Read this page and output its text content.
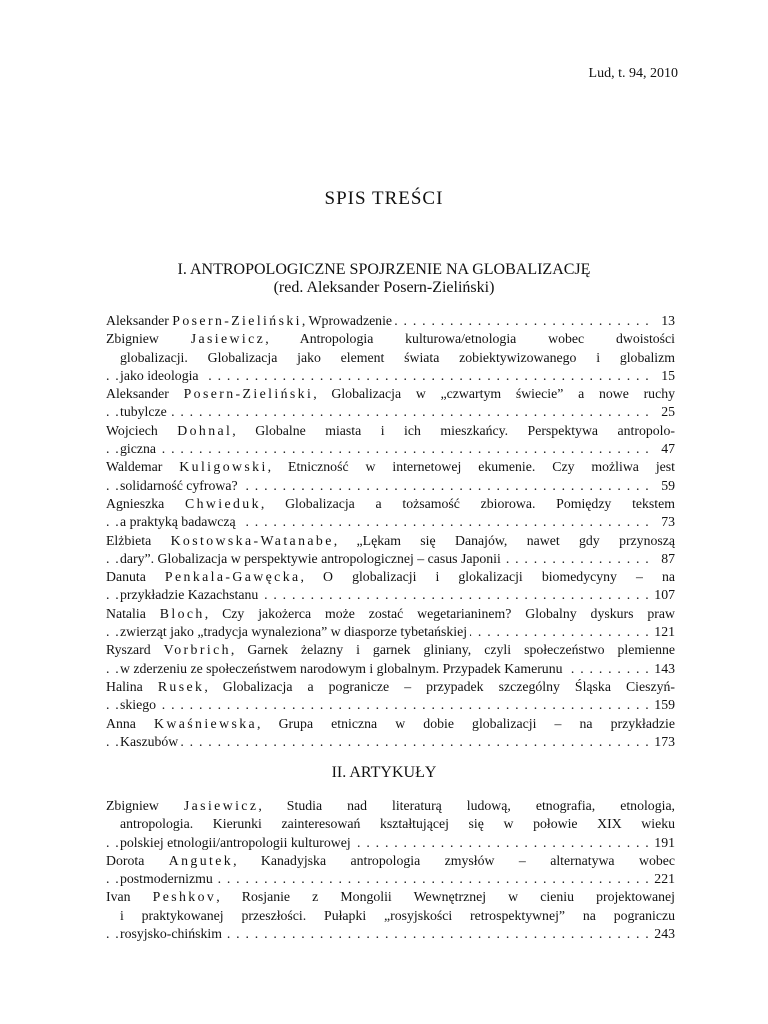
Lud, t. 94, 2010
SPIS TREŚCI
I. ANTROPOLOGICZNE SPOJRZENIE NA GLOBALIZACJĘ
(red. Aleksander Posern-Zieliński)
Aleksander Posern-Zieliński, Wprowadzenie	13
. . .
Zbigniew Jasiewicz, Antropologia kulturowa/etnologia wobec dwoistości
globalizacji. Globalizacja jako element świata zobiektywizowanego i globalizm
jako ideologia	15
. . .
Aleksander Posern-Zieliński, Globalizacja w „czwartym świecie” a nowe ruchy
tubylcze	25
. . .
Wojciech Dohnal, Globalne miasta i ich mieszkańcy. Perspektywa antropolo-
giczna	47
. . .
Waldemar Kuligowski, Etniczność w internetowej ekumenie. Czy możliwa jest
solidarność cyfrowa?	59
. . .
Agnieszka Chwieduk, Globalizacja a tożsamość zbiorowa. Pomiędzy tekstem
a praktyką badawczą	73
. . .
Elżbieta Kostowska-Watanabe, „Lękam się Danajów, nawet gdy przynoszą
dary”. Globalizacja w perspektywie antropologicznej – casus Japonii	87
. . .
Danuta Penkala-Gawęcka, O globalizacji i glokalizacji biomedycyny – na
przykładzie Kazachstanu	107
. . .
Natalia Bloch, Czy jakożerca może zostać wegetarianinem? Globalny dyskurs praw
zwierząt jako „tradycja wynaleziona” w diasporze tybetańskiej	121
. . .
Ryszard Vorbrich, Garnek żelazny i garnek gliniany, czyli społeczeństwo plemienne
w zderzeniu ze społeczeństwem narodowym i globalnym. Przypadek Kamerunu	143
. . .
Halina Rusek, Globalizacja a pogranicze – przypadek szczególny Śląska Cieszyń-
skiego	159
. . .
Anna Kwaśniewska, Grupa etniczna w dobie globalizacji – na przykładzie
Kaszubów	173
. . .
II. ARTYKUŁY
Zbigniew Jasiewicz, Studia nad literaturą ludową, etnografia, etnologia,
antropologia. Kierunki zainteresowań kształtującej się w połowie XIX wieku
polskiej etnologii/antropologii kulturowej	191
. . .
Dorota Angutek, Kanadyjska antropologia zmysłów – alternatywa wobec
postmodernizmu	221
. . .
Ivan Peshkov, Rosjanie z Mongolii Wewnętrznej w cieniu projektowanej
i praktykowanej przeszłości. Pułapki „rosyjskości retrospektywnej” na pograniczu
rosyjsko-chińskim	243
. . .
